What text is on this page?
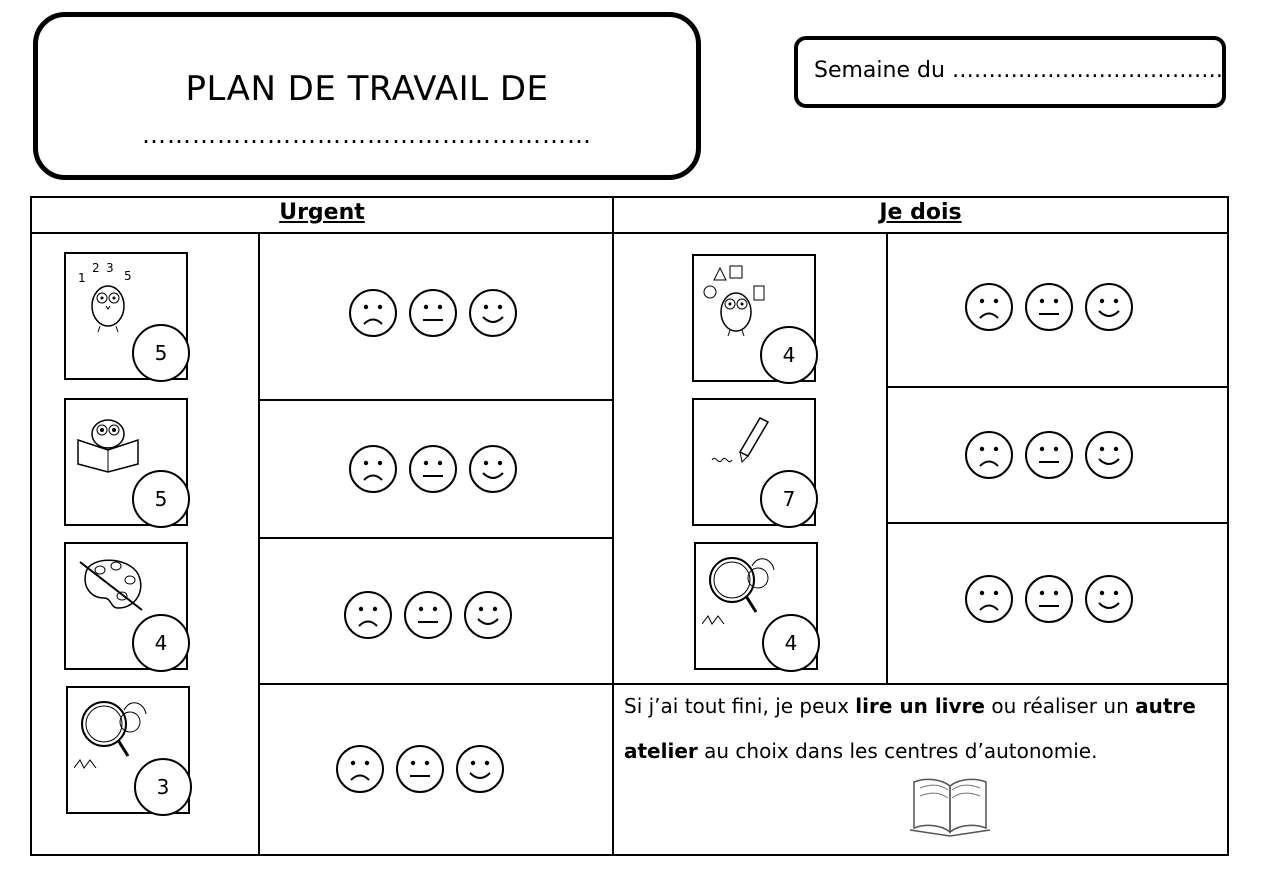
PLAN DE TRAVAIL DE
………………………………………………
Semaine du ……………………………….
Urgent	Je dois
1
2 3
5
5
5
4
3
4
7
4
Si j’ai tout fini, je peux lire un livre ou réaliser un autre atelier au choix dans les centres d’autonomie.
